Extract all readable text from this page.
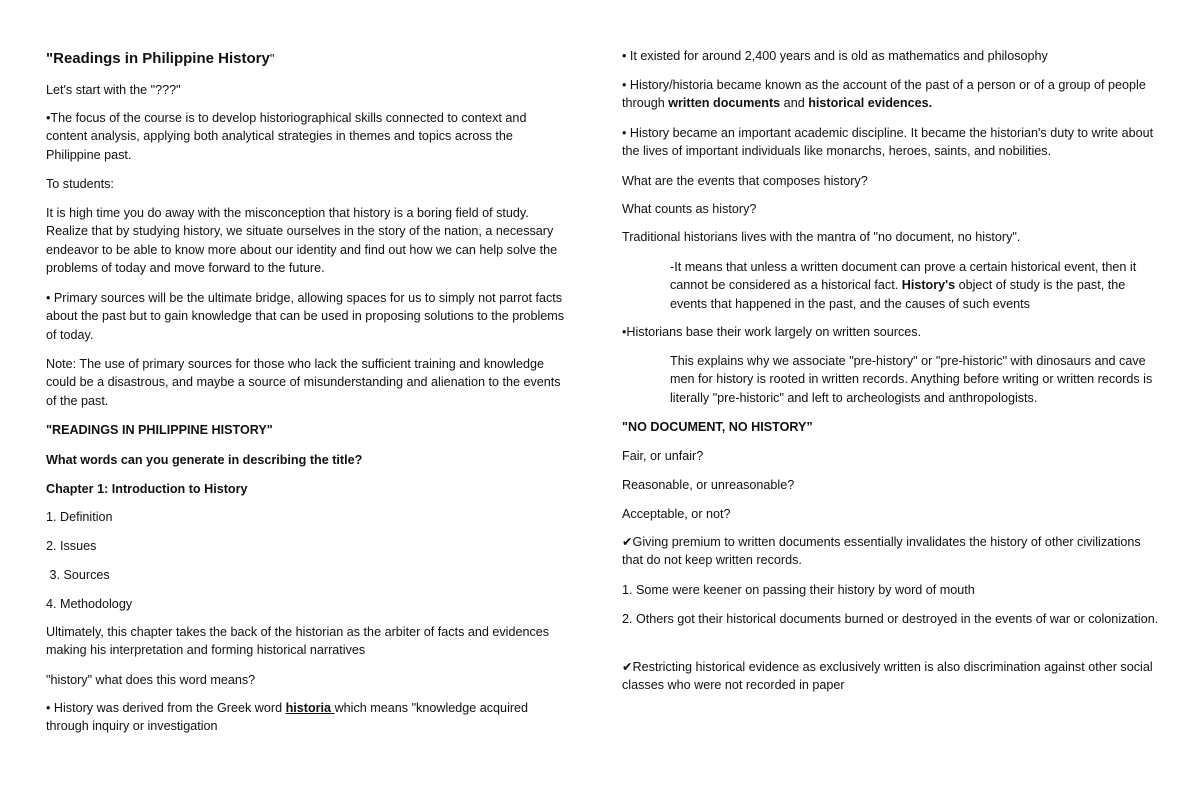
"Readings in Philippine History"

Let's start with the "???"

•The focus of the course is to develop historiographical skills connected to context and content analysis, applying both analytical strategies in themes and topics across the Philippine past.

To students:

It is high time you do away with the misconception that history is a boring field of study. Realize that by studying history, we situate ourselves in the story of the nation, a necessary endeavor to be able to know more about our identity and find out how we can help solve the problems of today and move forward to the future.

• Primary sources will be the ultimate bridge, allowing spaces for us to simply not parrot facts about the past but to gain knowledge that can be used in proposing solutions to the problems of today.

Note: The use of primary sources for those who lack the sufficient training and knowledge could be a disastrous, and maybe a source of misunderstanding and alienation to the events of the past.

"READINGS IN PHILIPPINE HISTORY"

What words can you generate in describing the title?

Chapter 1: Introduction to History

1. Definition

2. Issues

3. Sources

4. Methodology

Ultimately, this chapter takes the back of the historian as the arbiter of facts and evidences making his interpretation and forming historical narratives

"history" what does this word means?

• History was derived from the Greek word historia which means "knowledge acquired through inquiry or investigation

• It existed for around 2,400 years and is old as mathematics and philosophy

• History/historia became known as the account of the past of a person or of a group of people through written documents and historical evidences.

• History became an important academic discipline. It became the historian's duty to write about the lives of important individuals like monarchs, heroes, saints, and nobilities.

What are the events that composes history?

What counts as history?

Traditional historians lives with the mantra of "no document, no history".

-It means that unless a written document can prove a certain historical event, then it cannot be considered as a historical fact. History's object of study is the past, the events that happened in the past, and the causes of such events

•Historians base their work largely on written sources.

This explains why we associate "pre-history" or "pre-historic" with dinosaurs and cave men for history is rooted in written records. Anything before writing or written records is literally "pre-historic" and left to archeologists and anthropologists.

"NO DOCUMENT, NO HISTORY”

Fair, or unfair?

Reasonable, or unreasonable?

Acceptable, or not?

✔Giving premium to written documents essentially invalidates the history of other civilizations that do not keep written records.

1. Some were keener on passing their history by word of mouth

2. Others got their historical documents burned or destroyed in the events of war or colonization.

✔Restricting historical evidence as exclusively written is also discrimination against other social classes who were not recorded in paper
